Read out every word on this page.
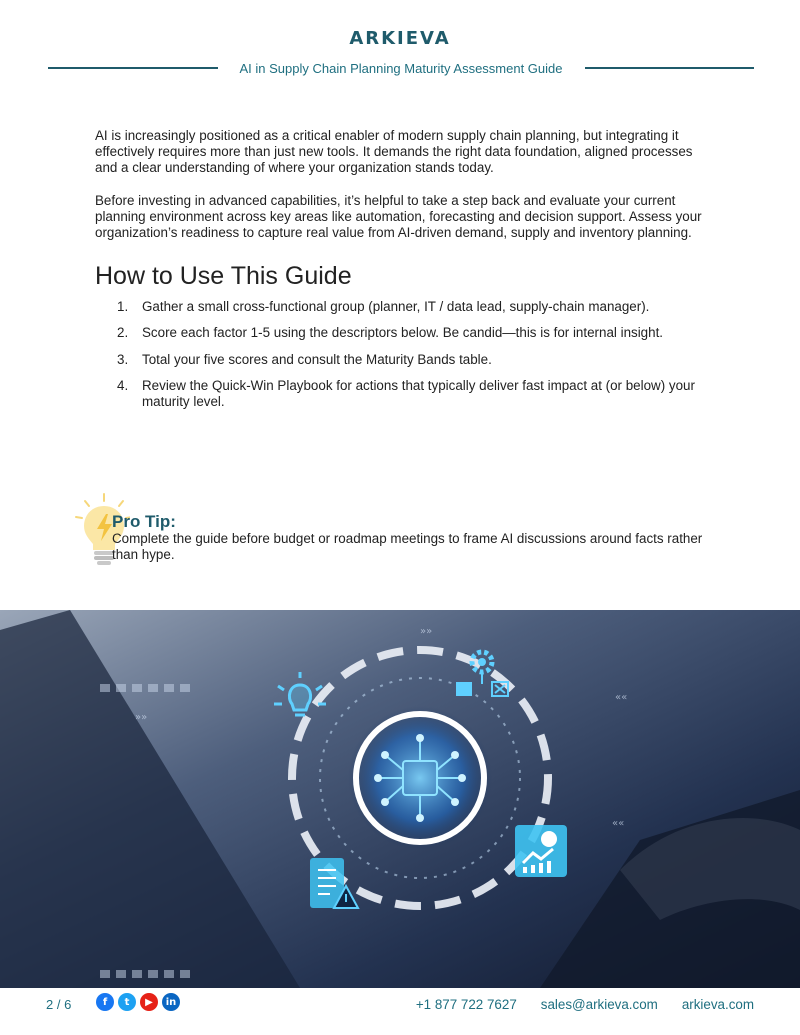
ARKIEVA
AI in Supply Chain Planning Maturity Assessment Guide

AI is increasingly positioned as a critical enabler of modern supply chain planning, but integrating it effectively requires more than just new tools. It demands the right data foundation, aligned processes and a clear understanding of where your organization stands today.

Before investing in advanced capabilities, it’s helpful to take a step back and evaluate your current planning environment across key areas like automation, forecasting and decision support. Assess your organization’s readiness to capture real value from AI-driven demand, supply and inventory planning.

How to Use This Guide
1.	Gather a small cross-functional group (planner, IT / data lead, supply-chain manager).
2.	Score each factor 1-5 using the descriptors below. Be candid—this is for internal insight.
3.	Total your five scores and consult the Maturity Bands table.
4.	Review the Quick-Win Playbook for actions that typically deliver fast impact at (or below) your maturity level.
Pro Tip:
Complete the guide before budget or roadmap meetings to frame AI discussions around facts rather than hype.
»»
»»
««
««
2 / 6	f	t	▶	in	+1 877 722 7627 sales@arkieva.com arkieva.com
